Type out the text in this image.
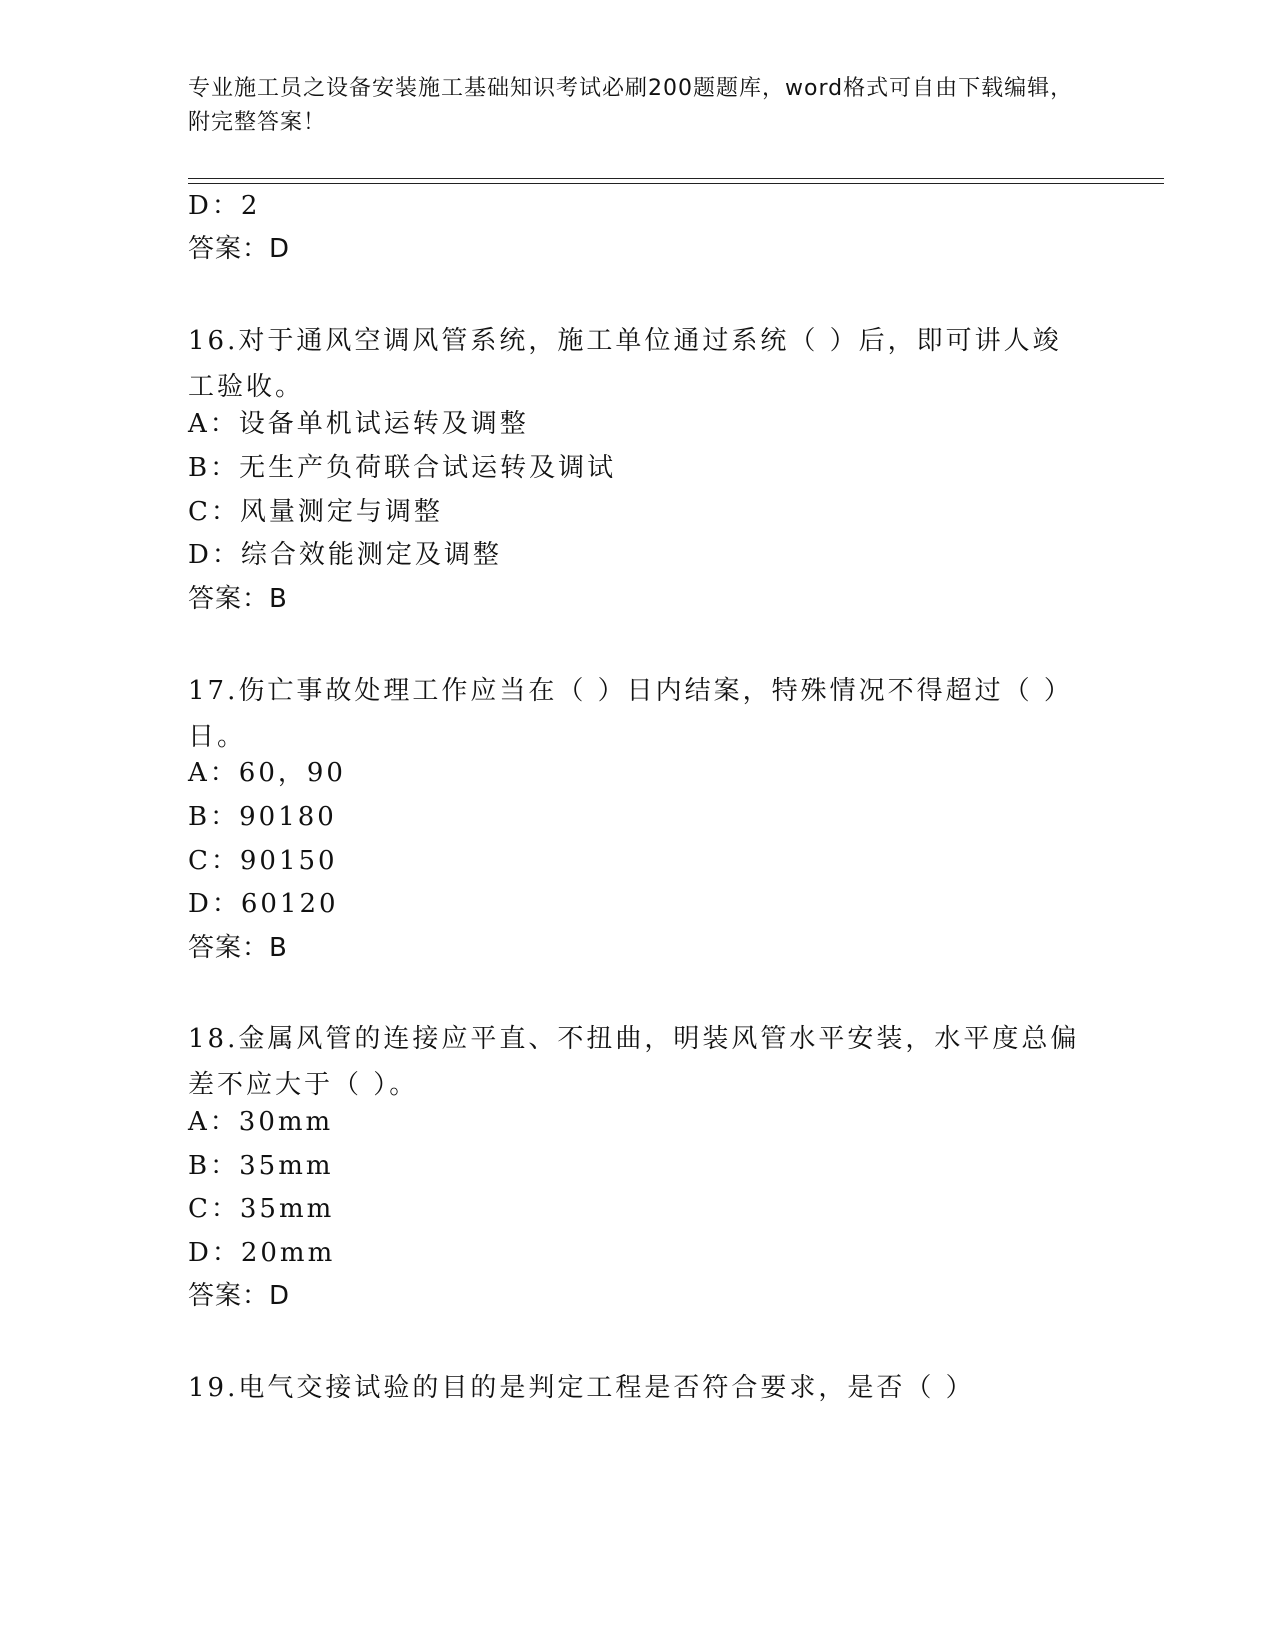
专业施工员之设备安装施工基础知识考试必刷200题题库，word格式可自由下载编辑，附完整答案！
D：2
答案：D
16.对于通风空调风管系统，施工单位通过系统（ ）后，即可讲人竣工验收。
A：设备单机试运转及调整
B：无生产负荷联合试运转及调试
C：风量测定与调整
D：综合效能测定及调整
答案：B
17.伤亡事故处理工作应当在（ ）日内结案，特殊情况不得超过（ ）日。
A：60，90
B：90180
C：90150
D：60120
答案：B
18.金属风管的连接应平直、不扭曲，明装风管水平安装，水平度总偏差不应大于（ ）。
A：30mm
B：35mm
C：35mm
D：20mm
答案：D
19.电气交接试验的目的是判定工程是否符合要求，是否（ ）
